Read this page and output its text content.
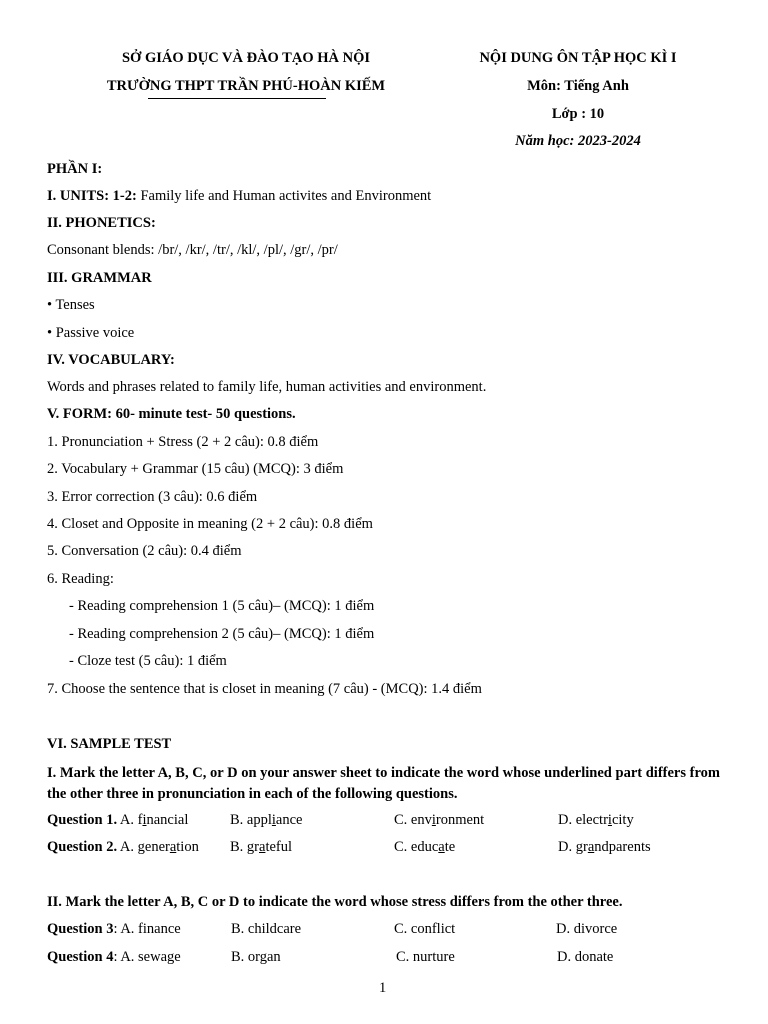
SỞ GIÁO DỤC VÀ ĐÀO TẠO HÀ NỘI
TRƯỜNG THPT TRẦN PHÚ-HOÀN KIẾM
NỘI DUNG ÔN TẬP HỌC KÌ I
Môn: Tiếng Anh
Lớp : 10
Năm học: 2023-2024
PHẦN I:
I. UNITS: 1-2: Family life and Human activites and Environment
II. PHONETICS:
Consonant blends: /br/, /kr/, /tr/, /kl/, /pl/, /gr/, /pr/
III. GRAMMAR
• Tenses
• Passive voice
IV. VOCABULARY:
Words and phrases related to family life, human activities and environment.
V. FORM: 60- minute test- 50 questions.
1. Pronunciation + Stress (2 + 2 câu): 0.8 điểm
2. Vocabulary + Grammar (15 câu) (MCQ): 3 điểm
3. Error correction (3 câu): 0.6 điểm
4. Closet and Opposite in meaning (2 + 2 câu): 0.8 điểm
5. Conversation (2 câu): 0.4 điểm
6. Reading:
- Reading comprehension 1 (5 câu)– (MCQ): 1 điểm
- Reading comprehension 2 (5 câu)– (MCQ): 1 điểm
- Cloze test (5 câu): 1 điểm
7. Choose the sentence that is closet in meaning (7 câu) - (MCQ): 1.4 điểm
VI. SAMPLE TEST
I. Mark the letter A, B, C, or D on your answer sheet to indicate the word whose underlined part differs from the other three in pronunciation in each of the following questions.
Question 1. A. financial	B. appliance	C. environment	D. electricity
Question 2. A. generation B. grateful	C. educate	D. grandparents
II. Mark the letter A, B, C or D to indicate the word whose stress differs from the other three.
Question 3: A. finance	B. childcare	C. conflict	D. divorce
Question 4: A. sewage	B. organ	C. nurture	D. donate
1
